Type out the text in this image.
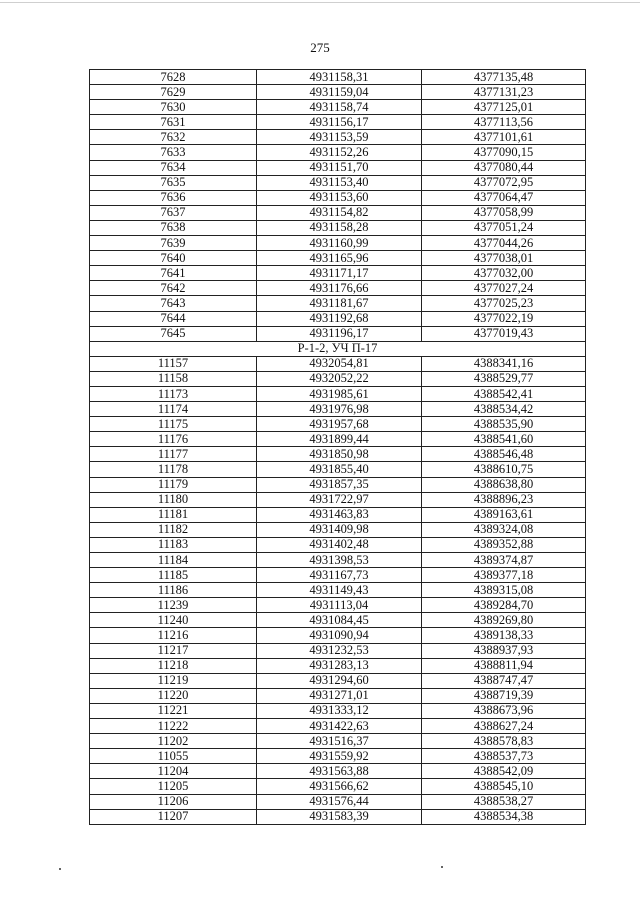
275
7628	4931158,31	4377135,48
7629	4931159,04	4377131,23
7630	4931158,74	4377125,01
7631	4931156,17	4377113,56
7632	4931153,59	4377101,61
7633	4931152,26	4377090,15
7634	4931151,70	4377080,44
7635	4931153,40	4377072,95
7636	4931153,60	4377064,47
7637	4931154,82	4377058,99
7638	4931158,28	4377051,24
7639	4931160,99	4377044,26
7640	4931165,96	4377038,01
7641	4931171,17	4377032,00
7642	4931176,66	4377027,24
7643	4931181,67	4377025,23
7644	4931192,68	4377022,19
7645	4931196,17	4377019,43
Р-1-2, УЧ П-17		
11157	4932054,81	4388341,16
11158	4932052,22	4388529,77
11173	4931985,61	4388542,41
11174	4931976,98	4388534,42
11175	4931957,68	4388535,90
11176	4931899,44	4388541,60
11177	4931850,98	4388546,48
11178	4931855,40	4388610,75
11179	4931857,35	4388638,80
11180	4931722,97	4388896,23
11181	4931463,83	4389163,61
11182	4931409,98	4389324,08
11183	4931402,48	4389352,88
11184	4931398,53	4389374,87
11185	4931167,73	4389377,18
11186	4931149,43	4389315,08
11239	4931113,04	4389284,70
11240	4931084,45	4389269,80
11216	4931090,94	4389138,33
11217	4931232,53	4388937,93
11218	4931283,13	4388811,94
11219	4931294,60	4388747,47
11220	4931271,01	4388719,39
11221	4931333,12	4388673,96
11222	4931422,63	4388627,24
11202	4931516,37	4388578,83
11055	4931559,92	4388537,73
11204	4931563,88	4388542,09
11205	4931566,62	4388545,10
11206	4931576,44	4388538,27
11207	4931583,39	4388534,38
